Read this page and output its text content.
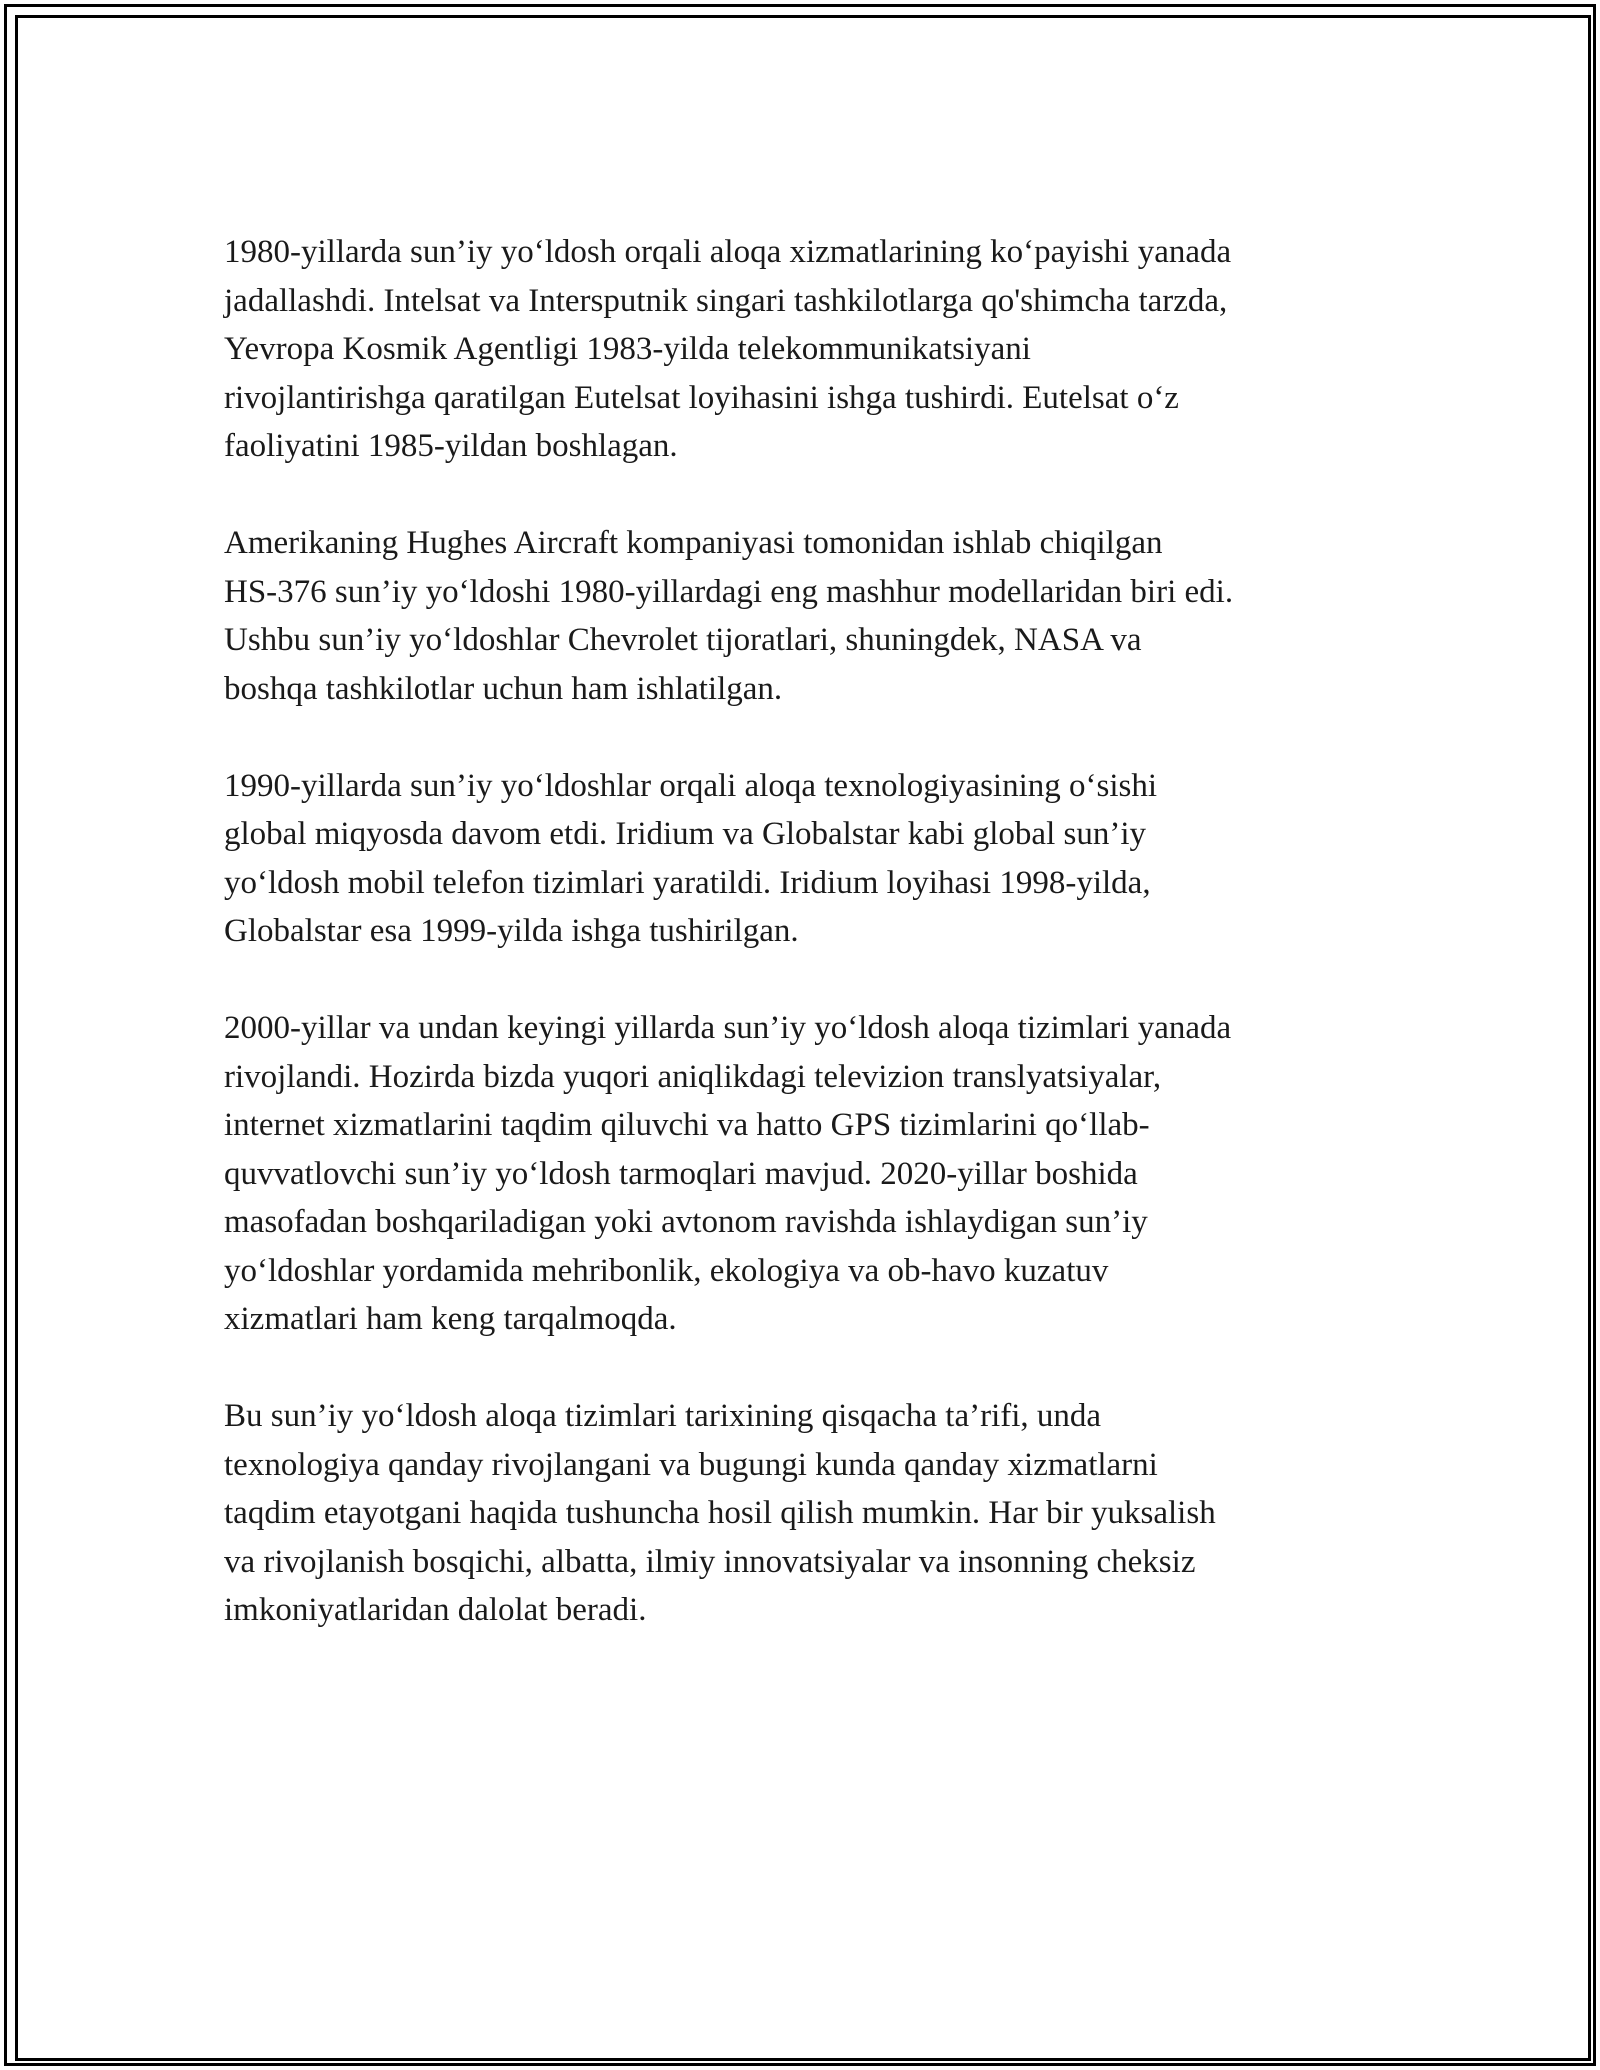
1980-yillarda sun’iy yo‘ldosh orqali aloqa xizmatlarining ko‘payishi yanada
jadallashdi. Intelsat va Intersputnik singari tashkilotlarga qo'shimcha tarzda,
Yevropa Kosmik Agentligi 1983-yilda telekommunikatsiyani
rivojlantirishga qaratilgan Eutelsat loyihasini ishga tushirdi. Eutelsat o‘z
faoliyatini 1985-yildan boshlagan.

Amerikaning Hughes Aircraft kompaniyasi tomonidan ishlab chiqilgan
HS-376 sun’iy yo‘ldoshi 1980-yillardagi eng mashhur modellaridan biri edi.
Ushbu sun’iy yo‘ldoshlar Chevrolet tijoratlari, shuningdek, NASA va
boshqa tashkilotlar uchun ham ishlatilgan.

1990-yillarda sun’iy yo‘ldoshlar orqali aloqa texnologiyasining o‘sishi
global miqyosda davom etdi. Iridium va Globalstar kabi global sun’iy
yo‘ldosh mobil telefon tizimlari yaratildi. Iridium loyihasi 1998-yilda,
Globalstar esa 1999-yilda ishga tushirilgan.

2000-yillar va undan keyingi yillarda sun’iy yo‘ldosh aloqa tizimlari yanada
rivojlandi. Hozirda bizda yuqori aniqlikdagi televizion translyatsiyalar,
internet xizmatlarini taqdim qiluvchi va hatto GPS tizimlarini qo‘llab-
quvvatlovchi sun’iy yo‘ldosh tarmoqlari mavjud. 2020-yillar boshida
masofadan boshqariladigan yoki avtonom ravishda ishlaydigan sun’iy
yo‘ldoshlar yordamida mehribonlik, ekologiya va ob-havo kuzatuv
xizmatlari ham keng tarqalmoqda.

Bu sun’iy yo‘ldosh aloqa tizimlari tarixining qisqacha ta’rifi, unda
texnologiya qanday rivojlangani va bugungi kunda qanday xizmatlarni
taqdim etayotgani haqida tushuncha hosil qilish mumkin. Har bir yuksalish
va rivojlanish bosqichi, albatta, ilmiy innovatsiyalar va insonning cheksiz
imkoniyatlaridan dalolat beradi.
